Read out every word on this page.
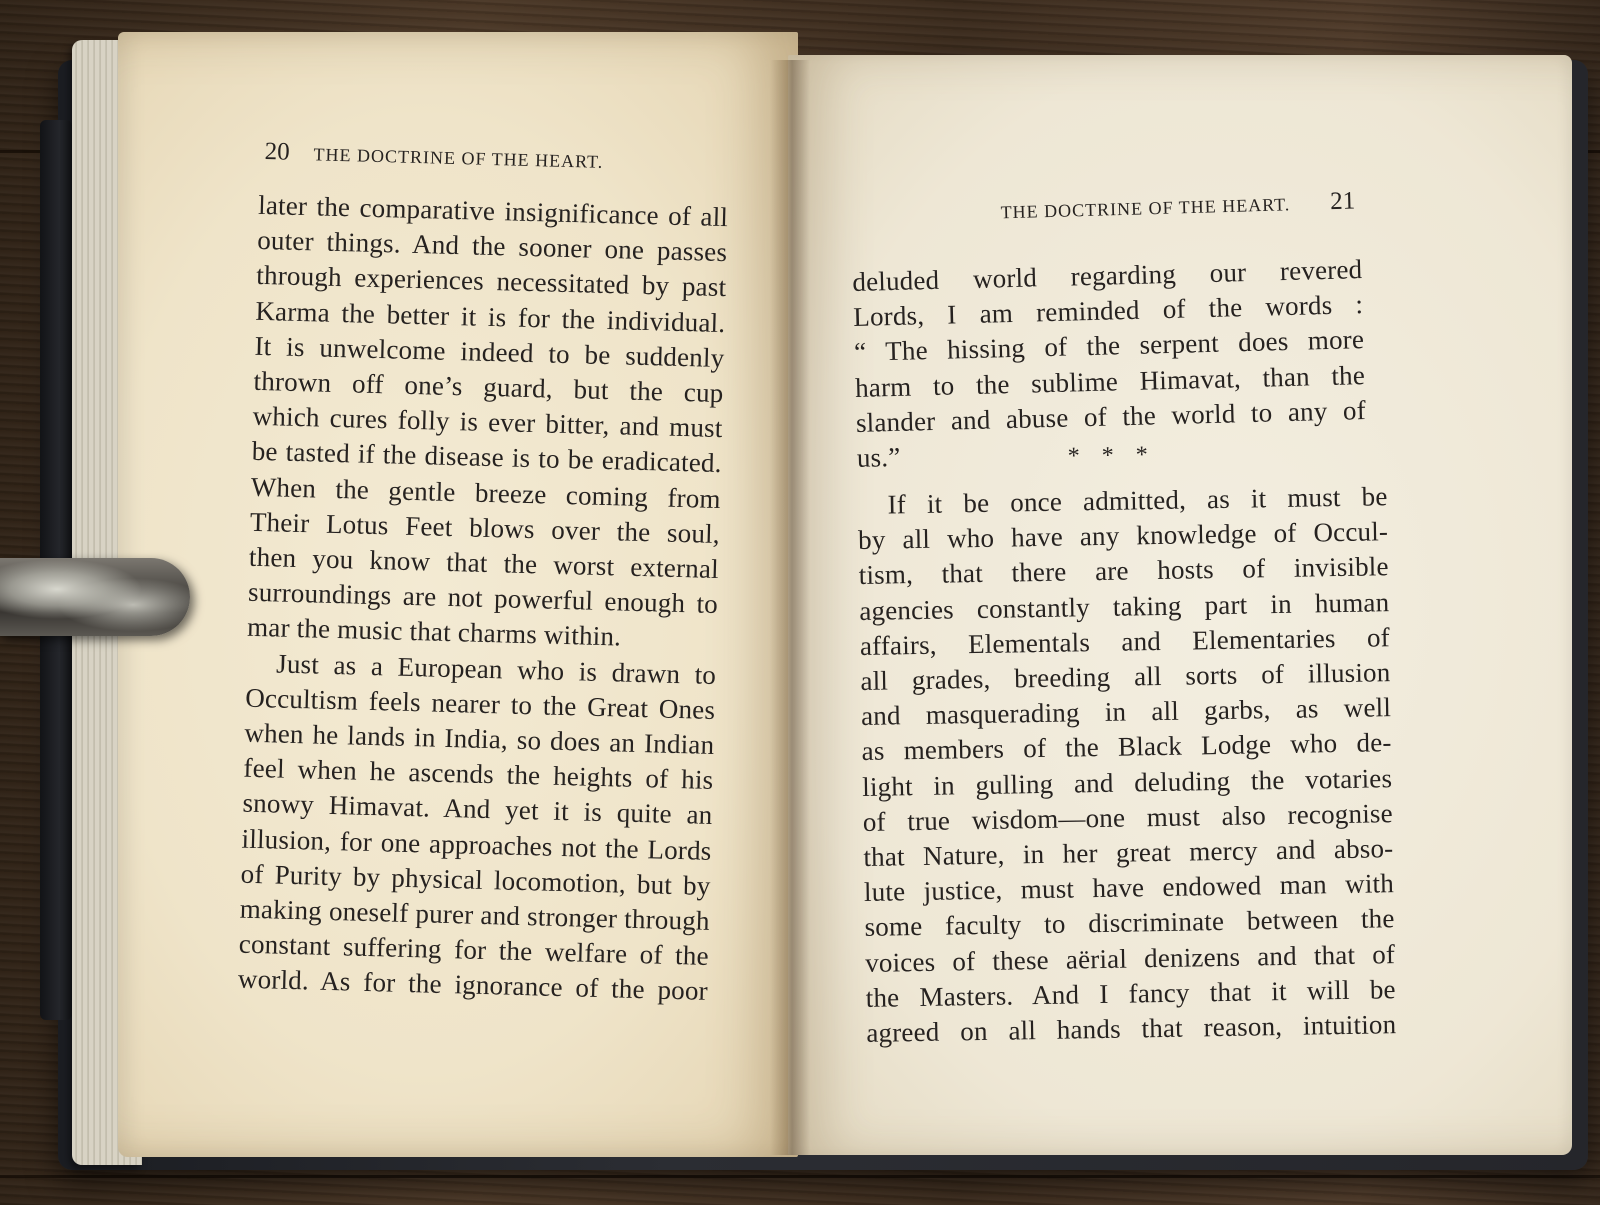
20 THE DOCTRINE OF THE HEART.
later the comparative insignificance of all
outer things. And the sooner one passes
through experiences necessitated by past
Karma the better it is for the individual.
It is unwelcome indeed to be suddenly
thrown off one’s guard, but the cup
which cures folly is ever bitter, and must
be tasted if the disease is to be eradicated.
When the gentle breeze coming from
Their Lotus Feet blows over the soul,
then you know that the worst external
surroundings are not powerful enough to
mar the music that charms within.
Just as a European who is drawn to
Occultism feels nearer to the Great Ones
when he lands in India, so does an Indian
feel when he ascends the heights of his
snowy Himavat. And yet it is quite an
illusion, for one approaches not the Lords
of Purity by physical locomotion, but by
making oneself purer and stronger through
constant suffering for the welfare of the
world. As for the ignorance of the poor
THE DOCTRINE OF THE HEART. 21
deluded world regarding our revered
Lords, I am reminded of the words :
“ The hissing of the serpent does more
harm to the sublime Himavat, than the
slander and abuse of the world to any of
us.”	* * *
If it be once admitted, as it must be
by all who have any knowledge of Occul-
tism, that there are hosts of invisible
agencies constantly taking part in human
affairs, Elementals and Elementaries of
all grades, breeding all sorts of illusion
and masquerading in all garbs, as well
as members of the Black Lodge who de-
light in gulling and deluding the votaries
of true wisdom—one must also recognise
that Nature, in her great mercy and abso-
lute justice, must have endowed man with
some faculty to discriminate between the
voices of these aërial denizens and that of
the Masters. And I fancy that it will be
agreed on all hands that reason, intuition
